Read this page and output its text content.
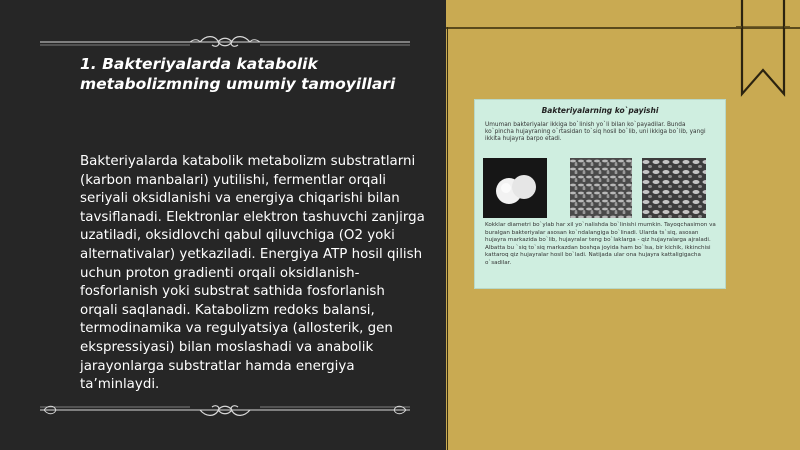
1. Bakteriyalarda katabolik metabolizmning umumiy tamoyillari

Bakteriyalarda katabolik metabolizm substratlarni (karbon manbalari) yutilishi, fermentlar orqali seriyali oksidlanishi va energiya chiqarishi bilan tavsiflanadi. Elektronlar elektron tashuvchi zanjirga uzatiladi, oksidlovchi qabul qiluvchiga (O2 yoki alternativalar) yetkaziladi. Energiya ATP hosil qilish uchun proton gradienti orqali oksidlanish-fosforlanish yoki substrat sathida fosforlanish orqali saqlanadi. Katabolizm redoks balansi, termodinamika va regulyatsiya (allosterik, gen ekspressiyasi) bilan moslashadi va anabolik jarayonlarga substratlar hamda energiya ta’minlaydi.

Bakteriyalarning ko`payishi
Umuman bakteriyalar ikkiga bo`linish yo`li bilan ko`payadilar. Bunda ko`pincha hujayraning o`rtasidan to`siq hosil bo`lib, uni ikkiga bo`lib, yangi ikkita hujayra barpo etadi.
Kokklar diametri bo`ylab har xil yo`nalishda bo`linishi mumkin. Tayoqchasimon va buralgan bakteriyalar asosan ko`ndalangiga bo`linadi. Ularda ts`siq, asosan hujayra markazida bo`lib, hujayralar teng bo`laklarga - qiz hujayralarga ajraladi. Albatta bu `siq to`siq markazdan boshqa joyida ham bo`lsa, bir kichik, ikkinchisi kattaroq qiz hujayralar hosil bo`ladi. Natijada ular ona hujayra kattaligigacha o`sadilar.
